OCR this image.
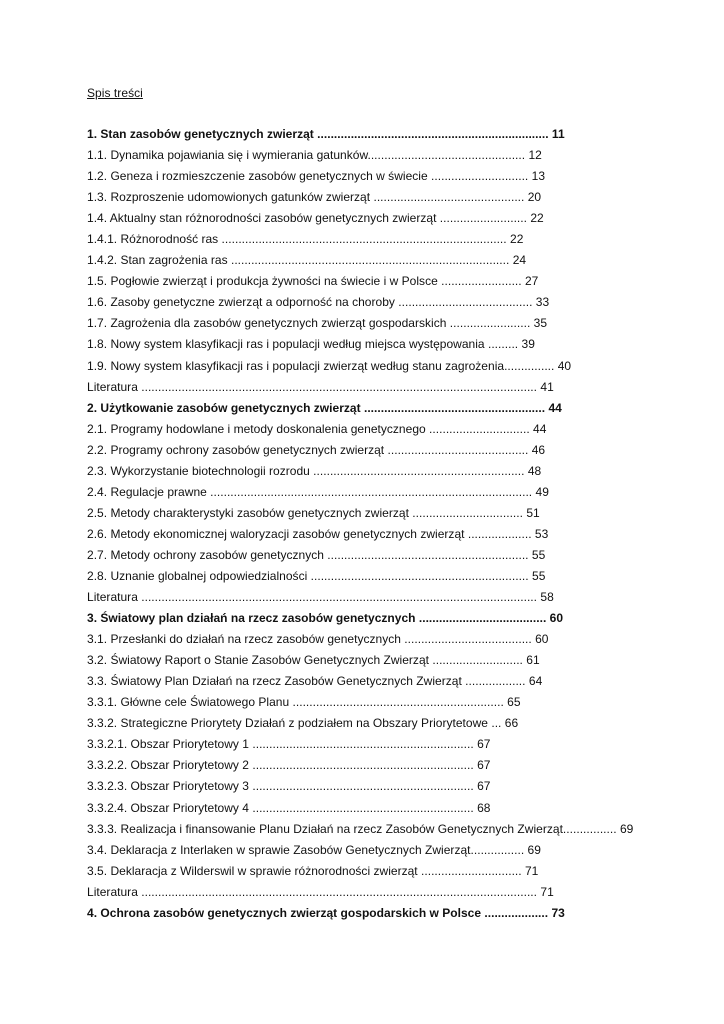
Spis treści
1. Stan zasobów genetycznych zwierząt ..................................................................... 11
1.1. Dynamika pojawiania się i wymierania gatunków............................................... 12
1.2. Geneza i rozmieszczenie zasobów genetycznych w świecie ............................. 13
1.3. Rozproszenie udomowionych gatunków zwierząt ............................................. 20
1.4. Aktualny stan różnorodności zasobów genetycznych zwierząt .......................... 22
1.4.1. Różnorodność ras ..................................................................................... 22
1.4.2. Stan zagrożenia ras ................................................................................... 24
1.5. Pogłowie zwierząt i produkcja żywności na świecie i w Polsce ........................ 27
1.6. Zasoby genetyczne zwierząt a odporność na choroby ........................................ 33
1.7. Zagrożenia dla zasobów genetycznych zwierząt gospodarskich ........................ 35
1.8. Nowy system klasyfikacji ras i populacji według miejsca występowania ......... 39
1.9. Nowy system klasyfikacji ras i populacji zwierząt według stanu zagrożenia............... 40
Literatura ...................................................................................................................... 41
2. Użytkowanie zasobów genetycznych zwierząt ...................................................... 44
2.1. Programy hodowlane i metody doskonalenia genetycznego .............................. 44
2.2. Programy ochrony zasobów genetycznych zwierząt .......................................... 46
2.3. Wykorzystanie biotechnologii rozrodu ............................................................... 48
2.4. Regulacje prawne ................................................................................................ 49
2.5. Metody charakterystyki zasobów genetycznych zwierząt ................................. 51
2.6. Metody ekonomicznej waloryzacji zasobów genetycznych zwierząt ................... 53
2.7. Metody ochrony zasobów genetycznych ............................................................ 55
2.8. Uznanie globalnej odpowiedzialności ................................................................. 55
Literatura ...................................................................................................................... 58
3. Światowy plan działań na rzecz zasobów genetycznych ...................................... 60
3.1. Przesłanki do działań na rzecz zasobów genetycznych ...................................... 60
3.2. Światowy Raport o Stanie Zasobów Genetycznych Zwierząt ........................... 61
3.3. Światowy Plan Działań na rzecz Zasobów Genetycznych Zwierząt .................. 64
3.3.1. Główne cele Światowego Planu ............................................................... 65
3.3.2. Strategiczne Priorytety Działań z podziałem na Obszary Priorytetowe ... 66
3.3.2.1. Obszar Priorytetowy 1 .................................................................. 67
3.3.2.2. Obszar Priorytetowy 2 .................................................................. 67
3.3.2.3. Obszar Priorytetowy 3 .................................................................. 67
3.3.2.4. Obszar Priorytetowy 4 .................................................................. 68
3.3.3. Realizacja i finansowanie Planu Działań na rzecz Zasobów Genetycznych Zwierząt................ 69
3.4. Deklaracja z Interlaken w sprawie Zasobów Genetycznych Zwierząt................ 69
3.5. Deklaracja z Wilderswil w sprawie różnorodności zwierząt .............................. 71
Literatura ...................................................................................................................... 71
4. Ochrona zasobów genetycznych zwierząt gospodarskich w Polsce ................... 73
